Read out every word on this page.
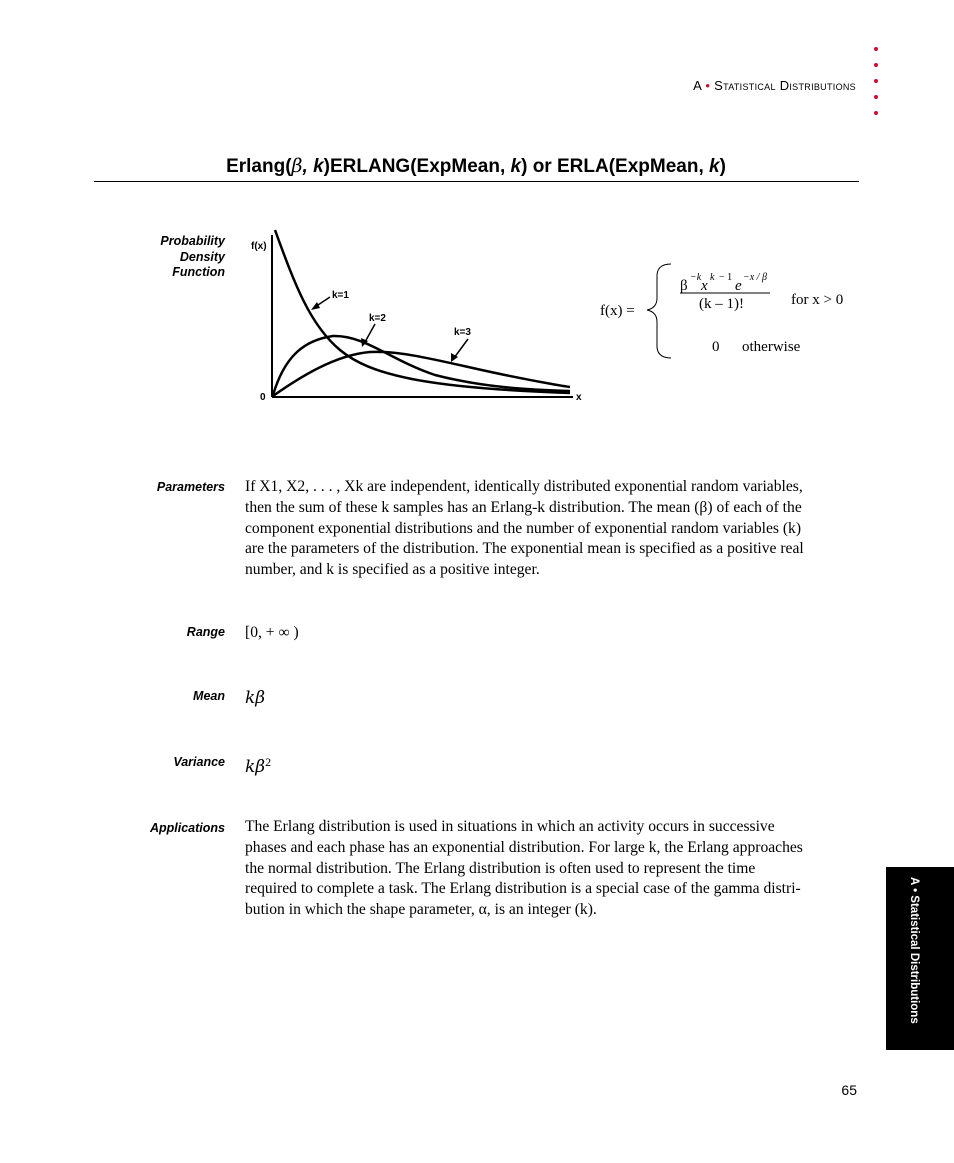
A • Statistical Distributions
Erlang(β, k)ERLANG(ExpMean, k) or ERLA(ExpMean, k)
Probability
Density
Function
f(x)
x
0
k=1
k=2
k=3
f(x) =
β
−k
x
k − 1
e
−x / β
(k – 1)!	for x > 0
0 otherwise
Parameters If X1, X2, . . . , Xk are independent, identically distributed exponential random variables,
then the sum of these k samples has an Erlang-k distribution. The mean (β) of each of the
component exponential distributions and the number of exponential random variables (k)
are the parameters of the distribution. The exponential mean is specified as a positive real
number, and k is specified as a positive integer.
Range [0, + ∞ )
Mean kβ
Variance $k\beta^2$
Applications The Erlang distribution is used in situations in which an activity occurs in successive
phases and each phase has an exponential distribution. For large k, the Erlang approaches
the normal distribution. The Erlang distribution is often used to represent the time
required to complete a task. The Erlang distribution is a special case of the gamma distri-
bution in which the shape parameter, α, is an integer (k).	A • Statistical Distributions
65
